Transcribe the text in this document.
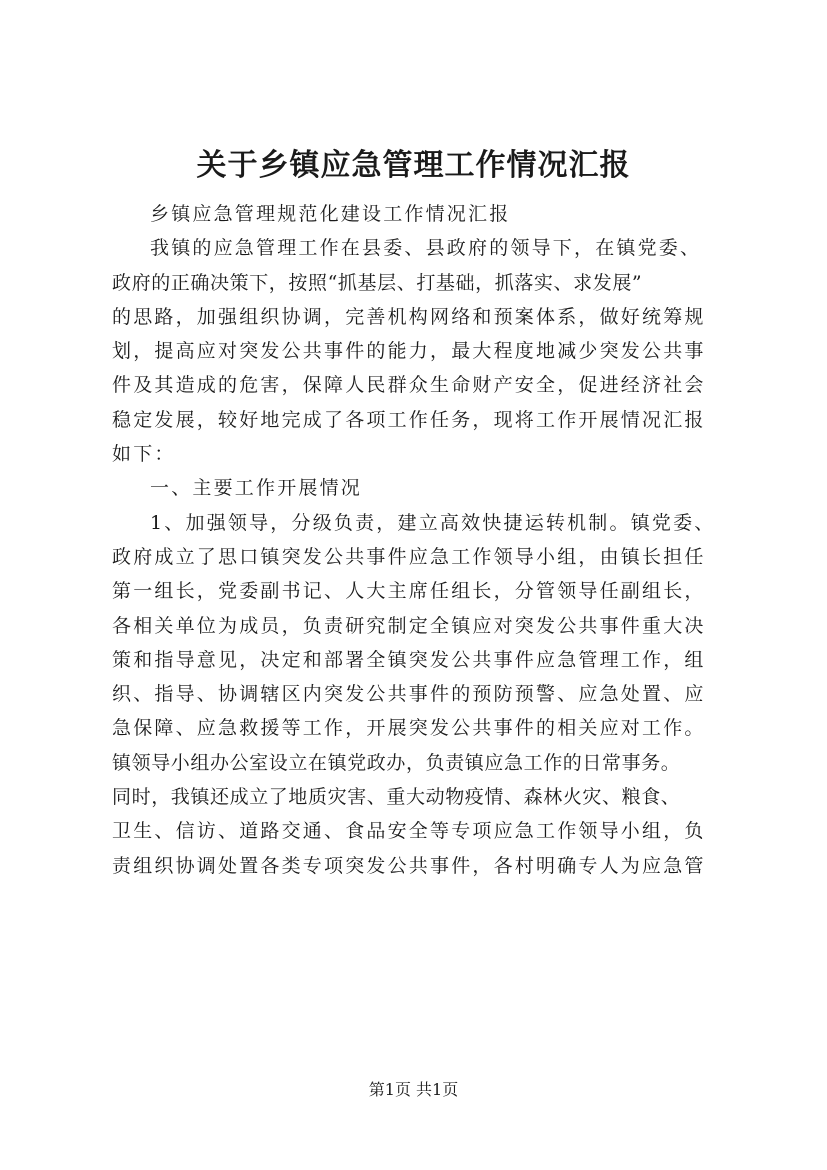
关于乡镇应急管理工作情况汇报
乡镇应急管理规范化建设工作情况汇报
我镇的应急管理工作在县委、县政府的领导下，在镇党委、
政府的正确决策下，按照“抓基层、打基础，抓落实、求发展”
的思路，加强组织协调，完善机构网络和预案体系，做好统筹规
划，提高应对突发公共事件的能力，最大程度地减少突发公共事
件及其造成的危害，保障人民群众生命财产安全，促进经济社会
稳定发展，较好地完成了各项工作任务，现将工作开展情况汇报
如下：
一、主要工作开展情况
1、加强领导，分级负责，建立高效快捷运转机制。镇党委、
政府成立了思口镇突发公共事件应急工作领导小组，由镇长担任
第一组长，党委副书记、人大主席任组长，分管领导任副组长，
各相关单位为成员，负责研究制定全镇应对突发公共事件重大决
策和指导意见，决定和部署全镇突发公共事件应急管理工作，组
织、指导、协调辖区内突发公共事件的预防预警、应急处置、应
急保障、应急救援等工作，开展突发公共事件的相关应对工作。
镇领导小组办公室设立在镇党政办，负责镇应急工作的日常事务。
同时，我镇还成立了地质灾害、重大动物疫情、森林火灾、粮食、
卫生、信访、道路交通、食品安全等专项应急工作领导小组，负
责组织协调处置各类专项突发公共事件，各村明确专人为应急管
第1页 共1页
